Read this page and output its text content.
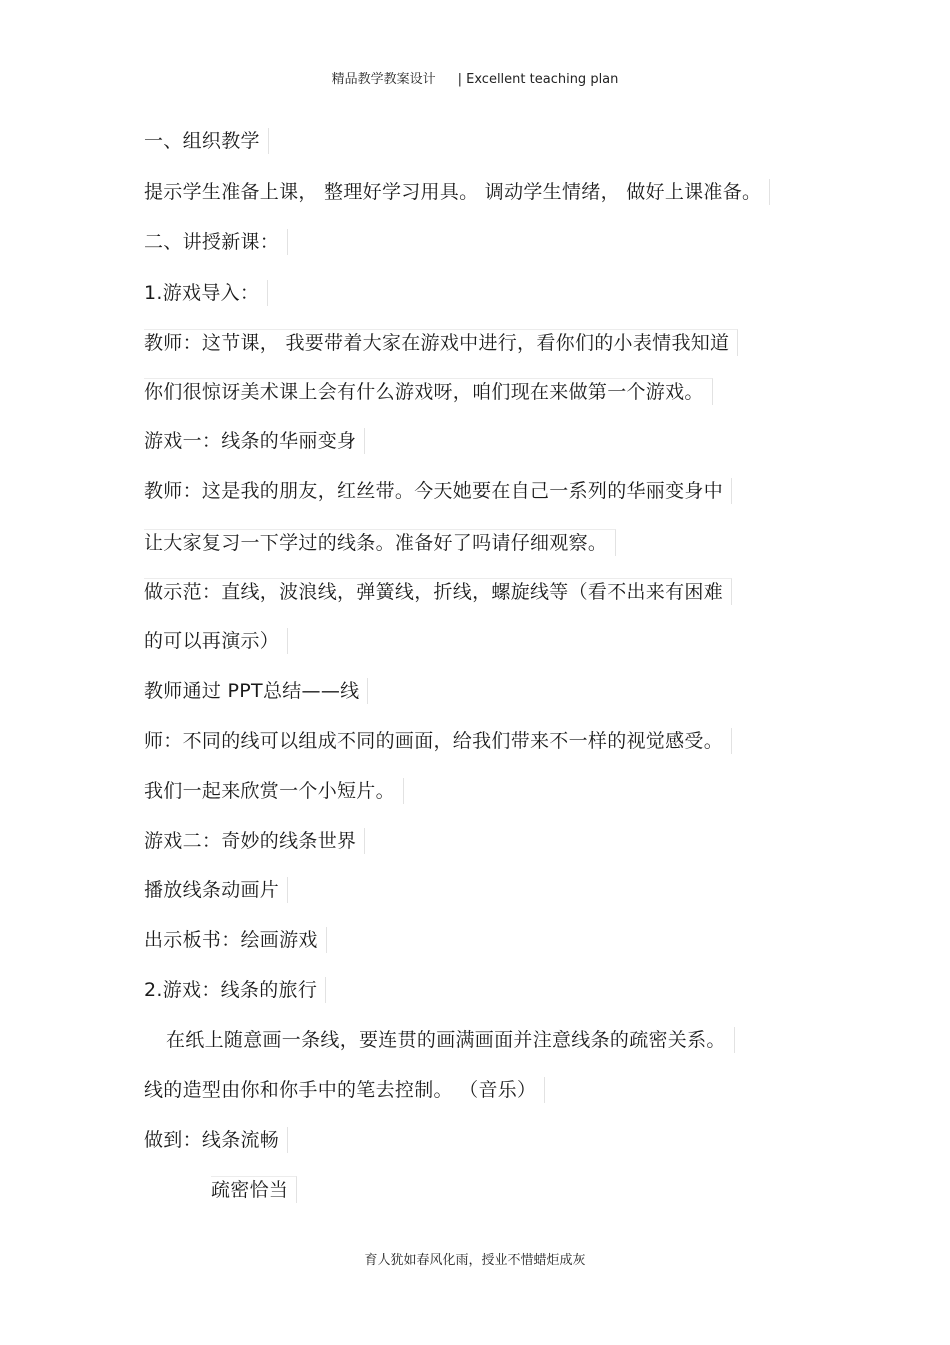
精品教学教案设计 | Excellent teaching plan
一、组织教学
提示学生准备上课， 整理好学习用具。 调动学生情绪， 做好上课准备。
二、讲授新课：
1.游戏导入：
教师：这节课， 我要带着大家在游戏中进行，看你们的小表情我知道
你们很惊讶美术课上会有什么游戏呀，咱们现在来做第一个游戏。
游戏一：线条的华丽变身
教师：这是我的朋友，红丝带。今天她要在自己一系列的华丽变身中
让大家复习一下学过的线条。准备好了吗请仔细观察。
做示范：直线，波浪线，弹簧线，折线，螺旋线等（看不出来有困难
的可以再演示）
教师通过 PPT总结——线
师：不同的线可以组成不同的画面，给我们带来不一样的视觉感受。
我们一起来欣赏一个小短片。
游戏二：奇妙的线条世界
播放线条动画片
出示板书：绘画游戏
2.游戏：线条的旅行
在纸上随意画一条线，要连贯的画满画面并注意线条的疏密关系。
线的造型由你和你手中的笔去控制。 （音乐）
做到：线条流畅
疏密恰当
育人犹如春风化雨，授业不惜蜡炬成灰
